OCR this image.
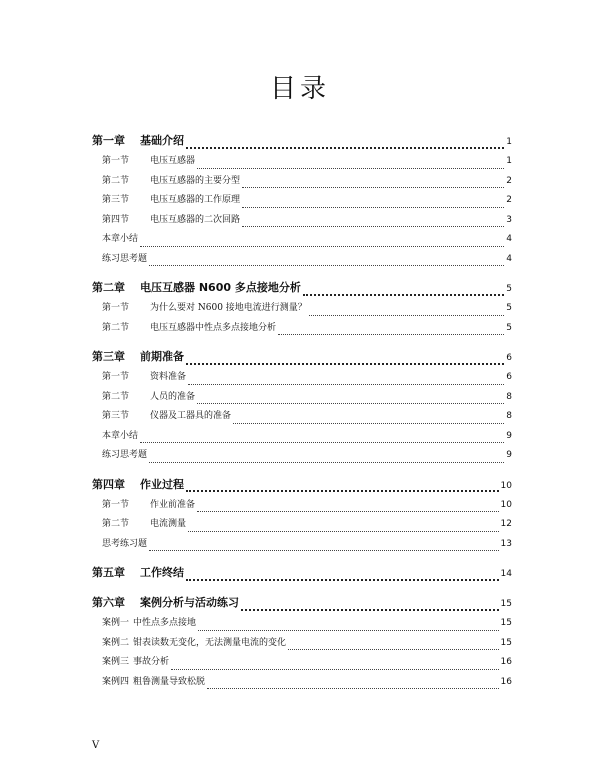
目录
第一章	基础介绍	1
第一节	电压互感器	1
第二节	电压互感器的主要分型	2
第三节	电压互感器的工作原理	2
第四节	电压互感器的二次回路	3
本章小结	4
练习思考题	4
第二章	电压互感器 N600 多点接地分析	5
第一节	为什么要对 N600 接地电流进行测量？	5
第二节	电压互感器中性点多点接地分析	5
第三章	前期准备	6
第一节	资料准备	6
第二节	人员的准备	8
第三节	仪器及工器具的准备	8
本章小结	9
练习思考题	9
第四章	作业过程	10
第一节	作业前准备	10
第二节	电流测量	12
思考练习题	13
第五章	工作终结	14
第六章	案例分析与活动练习	15
案例一 中性点多点接地	15
案例二 钳表读数无变化，无法测量电流的变化	15
案例三 事故分析	16
案例四 粗鲁测量导致松脱	16
V
